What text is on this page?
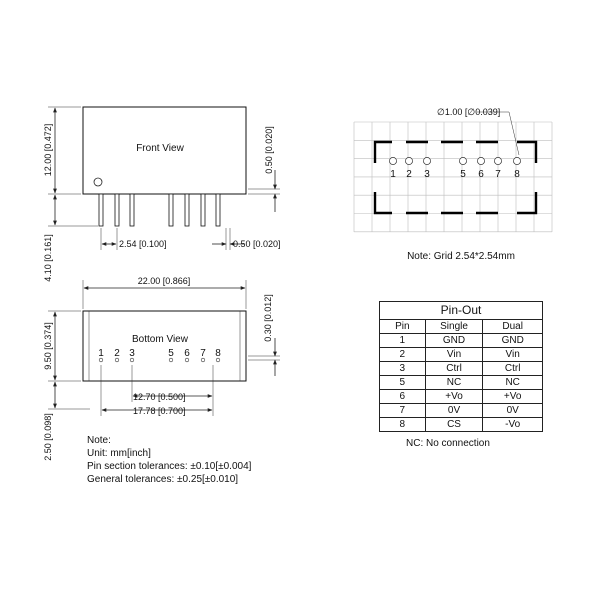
Front View
12.00 [0.472]
4.10 [0.161]
0.50 [0.020]
2.54 [0.100]	0.50 [0.020]
Bottom View
1 2 3	5 6 7 8
22.00 [0.866]
9.50 [0.374]
2.50 [0.098]
0.30 [0.012]
12.70 [0.500]
17.78 [0.700]
1 2 3	5 6 7 8
∅1.00 [∅0.039]
Note: Grid 2.54*2.54mm
Pin-Out
Pin	Single	Dual
1	GND	GND
2	Vin	Vin
3	Ctrl	Ctrl
5	NC	NC
6	+Vo	+Vo
7	0V	0V
8	CS	-Vo
NC: No connection
Note:
Unit: mm[inch]
Pin section tolerances: ±0.10[±0.004]
General tolerances: ±0.25[±0.010]
